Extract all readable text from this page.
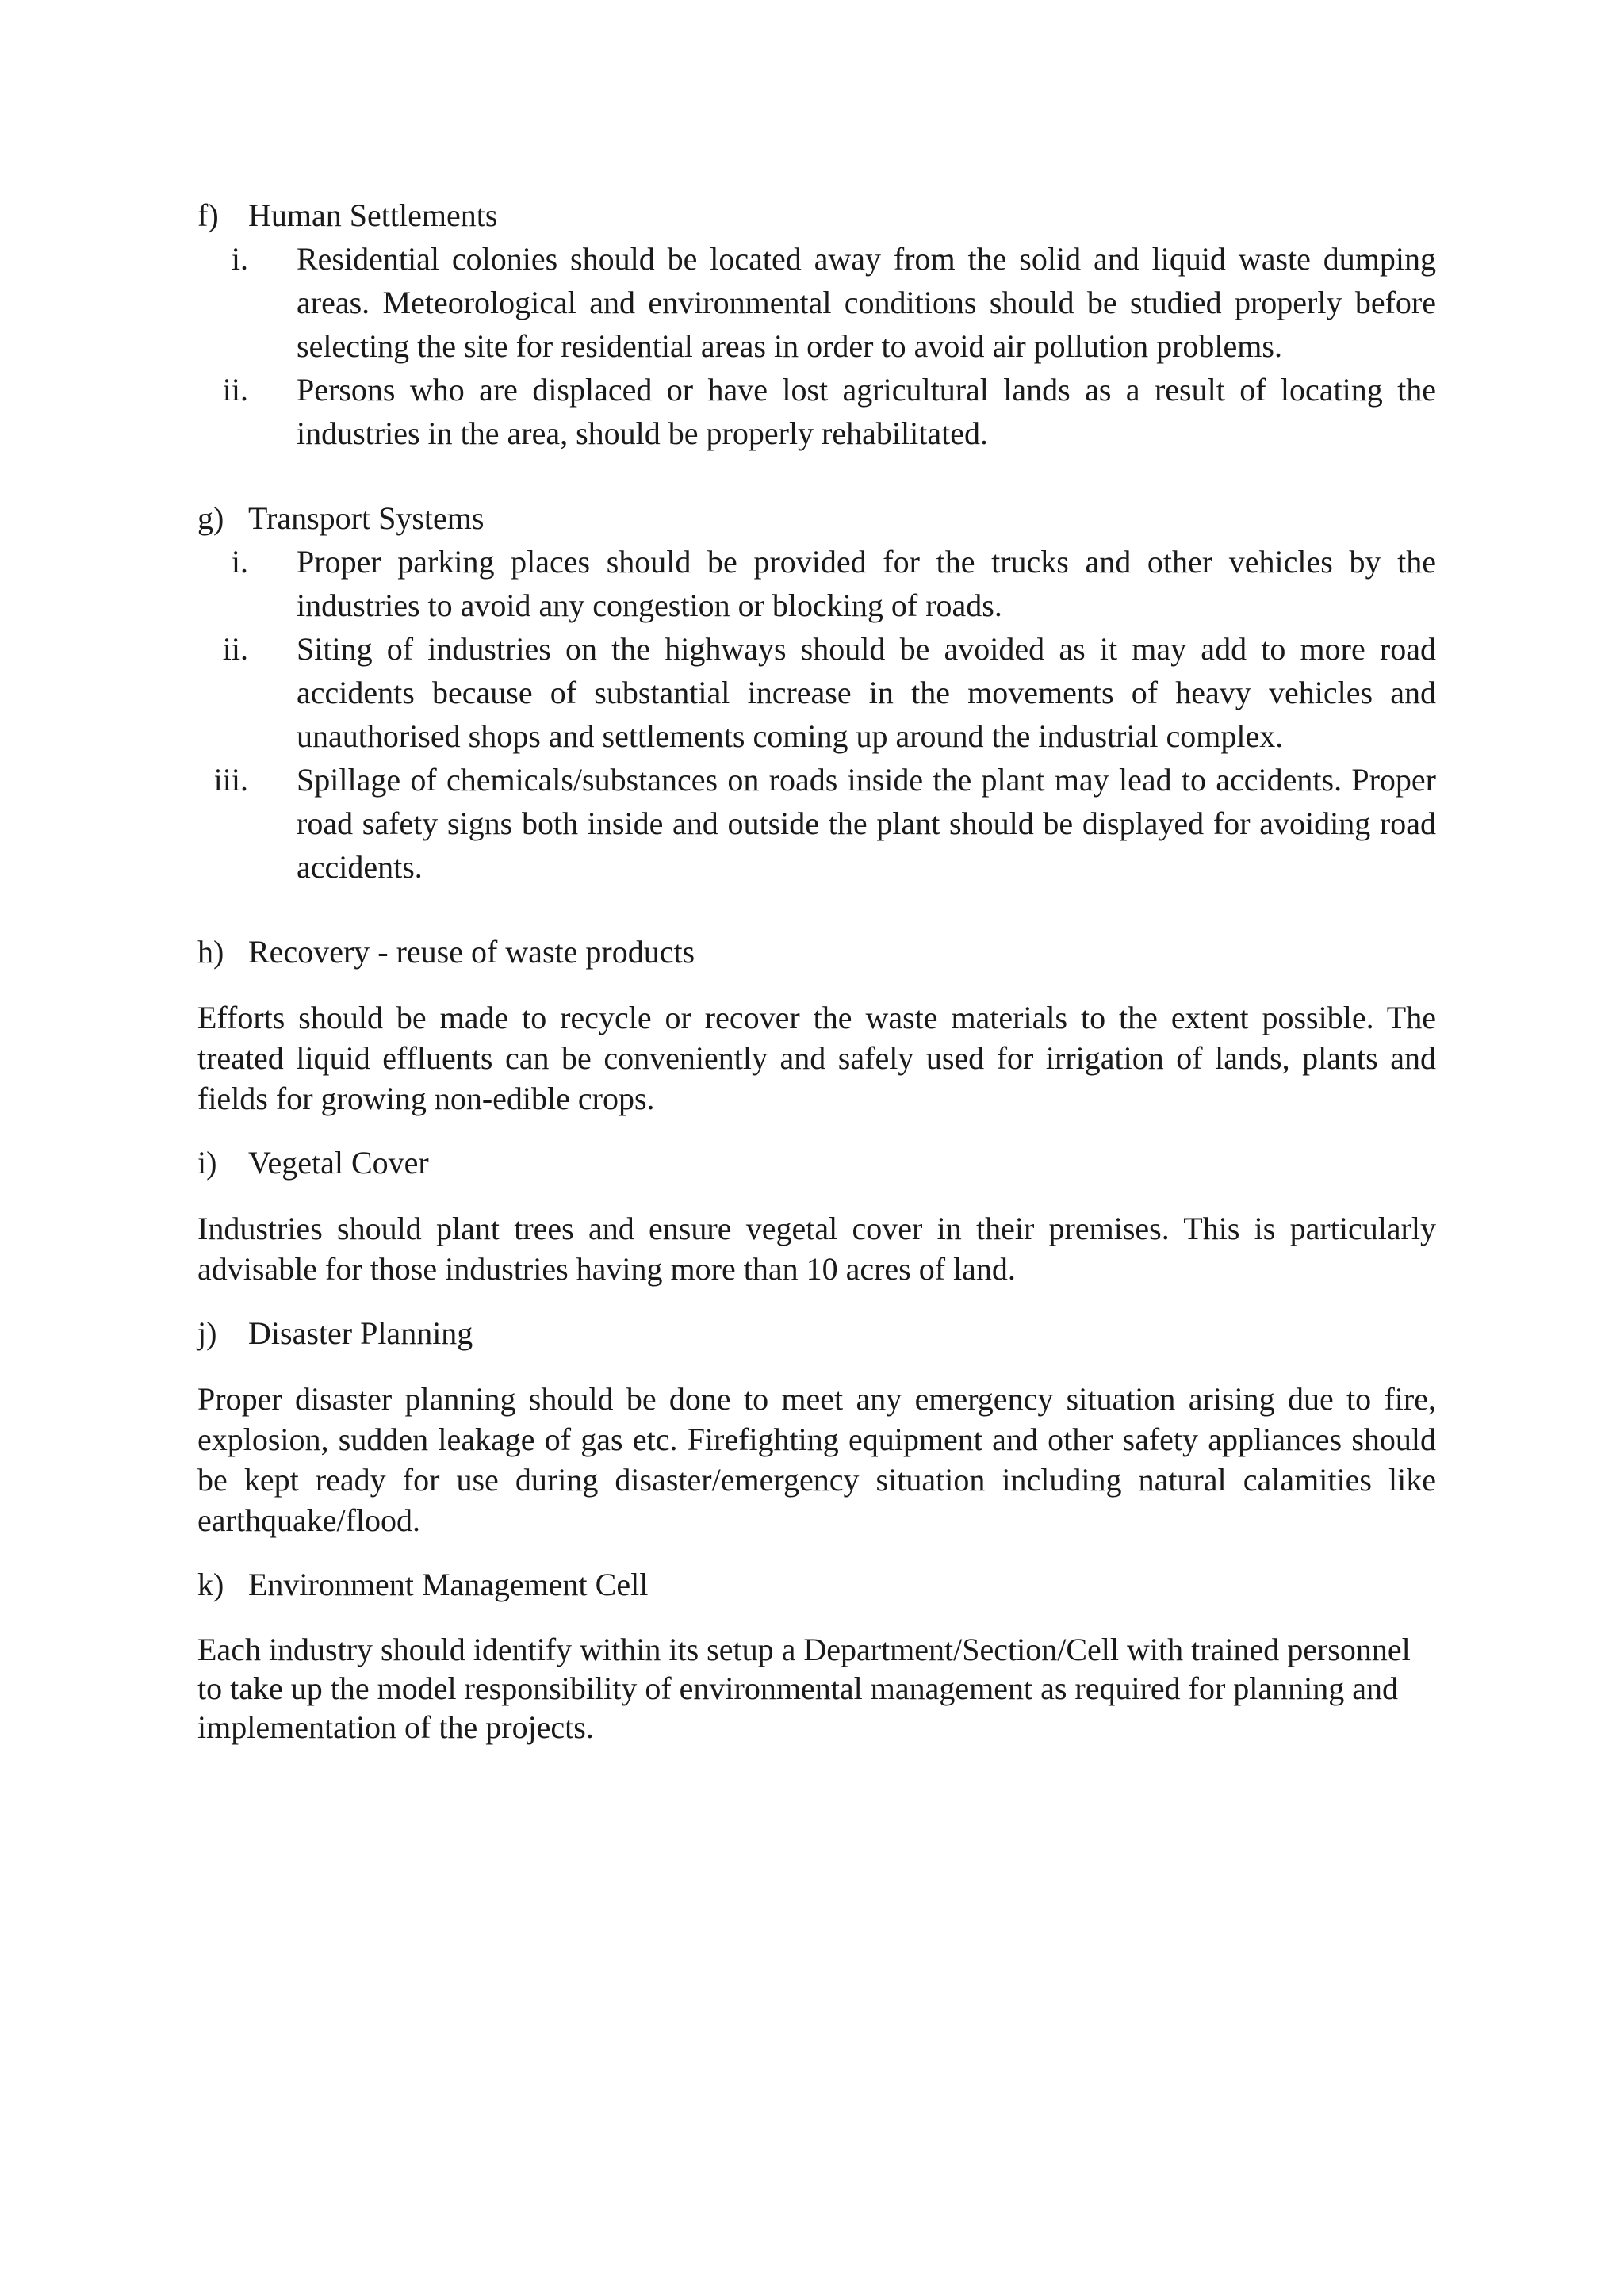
f) Human Settlements
i.	Residential colonies should be located away from the solid and liquid waste dumping areas. Meteorological and environmental conditions should be studied properly before selecting the site for residential areas in order to avoid air pollution problems.
ii.	Persons who are displaced or have lost agricultural lands as a result of locating the industries in the area, should be properly rehabilitated.
g) Transport Systems
i.	Proper parking places should be provided for the trucks and other vehicles by the industries to avoid any congestion or blocking of roads.
ii.	Siting of industries on the highways should be avoided as it may add to more road accidents because of substantial increase in the movements of heavy vehicles and unauthorised shops and settlements coming up around the industrial complex.
iii.	Spillage of chemicals/substances on roads inside the plant may lead to accidents. Proper road safety signs both inside and outside the plant should be displayed for avoiding road accidents.
h) Recovery - reuse of waste products

Efforts should be made to recycle or recover the waste materials to the extent possible. The treated liquid effluents can be conveniently and safely used for irrigation of lands, plants and fields for growing non-edible crops.

i) Vegetal Cover

Industries should plant trees and ensure vegetal cover in their premises. This is particularly advisable for those industries having more than 10 acres of land.

j) Disaster Planning

Proper disaster planning should be done to meet any emergency situation arising due to fire, explosion, sudden leakage of gas etc. Firefighting equipment and other safety appliances should be kept ready for use during disaster/emergency situation including natural calamities like earthquake/flood.

k) Environment Management Cell

Each industry should identify within its setup a Department/Section/Cell with trained personnel to take up the model responsibility of environmental management as required for planning and implementation of the projects.
